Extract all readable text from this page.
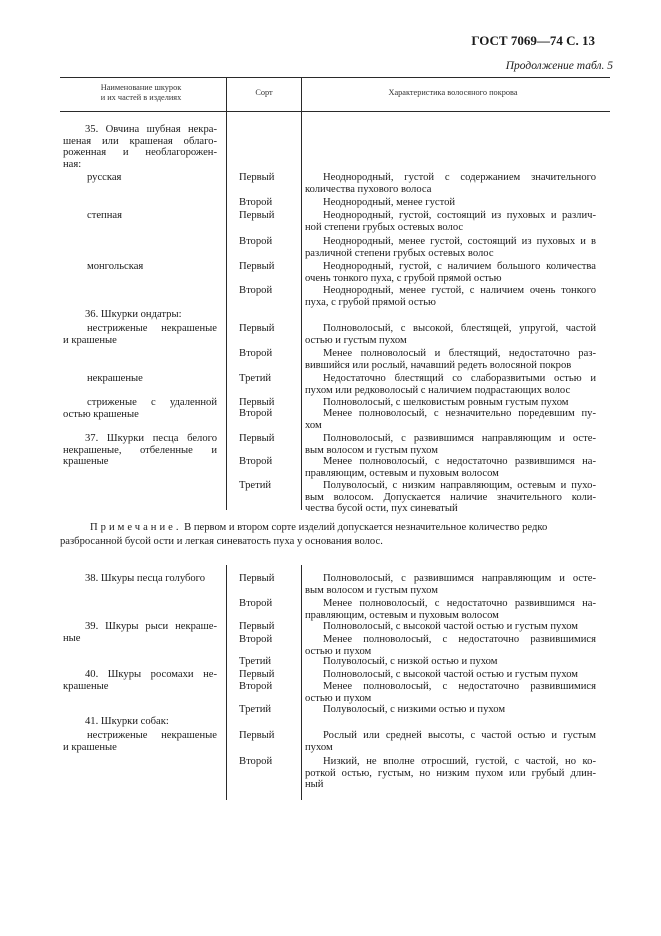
ГОСТ 7069—74 С. 13
Продолжение табл. 5
Наименование шкурок
и их частей в изделиях
Сорт	Характеристика волосяного покрова
35. Овчина шубная некра-
шеная или крашеная облаго-
роженная и необлагорожен-
ная:
русская	Первый	Неоднородный, густой с содержанием значительного
количества пухового волоса
Второй	Неоднородный, менее густой
степная	Первый	Неоднородный, густой, состоящий из пуховых и различ-
ной степени грубых остевых волос
Второй	Неоднородный, менее густой, состоящий из пуховых и в
различной степени грубых остевых волос
монгольская	Первый	Неоднородный, густой, с наличием большого количества
очень тонкого пуха, с грубой прямой остью
Второй	Неоднородный, менее густой, с наличием очень тонкого
пуха, с грубой прямой остью
36. Шкурки ондатры:
нестриженые некрашеные
и крашеные
Первый	Полноволосый, с высокой, блестящей, упругой, частой
остью и густым пухом
Второй	Менее полноволосый и блестящий, недостаточно раз-
вившийся или рослый, начавший редеть волосяной покров
некрашеные	Третий	Недостаточно блестящий со слаборазвитыми остью и
пухом или редковолосый с наличием подрастающих волос
стриженые с удаленной
остью крашеные
Первый	Полноволосый, с шелковистым ровным густым пухом
Второй	Менее полноволосый, с незначительно поредевшим пу-
хом
37. Шкурки песца белого
некрашеные, отбеленные и
крашеные
Первый	Полноволосый, с развившимся направляющим и осте-
вым волосом и густым пухом
Второй	Менее полноволосый, с недостаточно развившимся на-
правляющим, остевым и пуховым волосом
Третий	Полуволосый, с низким направляющим, остевым и пухо-
вым волосом. Допускается наличие значительного коли-
чества бусой ости, пух синеватый
38. Шкуры песца голубого	Первый	Полноволосый, с развившимся направляющим и осте-
вым волосом и густым пухом
Второй	Менее полноволосый, с недостаточно развившимся на-
правляющим, остевым и пуховым волосом
39. Шкуры рыси некраше-
ные
Первый	Полноволосый, с высокой частой остью и густым пухом
Второй	Менее полноволосый, с недостаточно развившимися
остью и пухом
Третий	Полуволосый, с низкой остью и пухом
40. Шкуры росомахи не-
крашеные
Первый	Полноволосый, с высокой частой остью и густым пухом
Второй	Менее полноволосый, с недостаточно развившимися
остью и пухом
Третий	Полуволосый, с низкими остью и пухом
41. Шкурки собак:
нестриженые некрашеные
и крашеные
Первый	Рослый или средней высоты, с частой остью и густым
пухом
Второй	Низкий, не вполне отросший, густой, с частой, но ко-
роткой остью, густым, но низким пухом или грубый длин-
ный
Примечание. В первом и втором сорте изделий допускается незначительное количество редко
разбросанной бусой ости и легкая синеватость пуха у основания волос.
